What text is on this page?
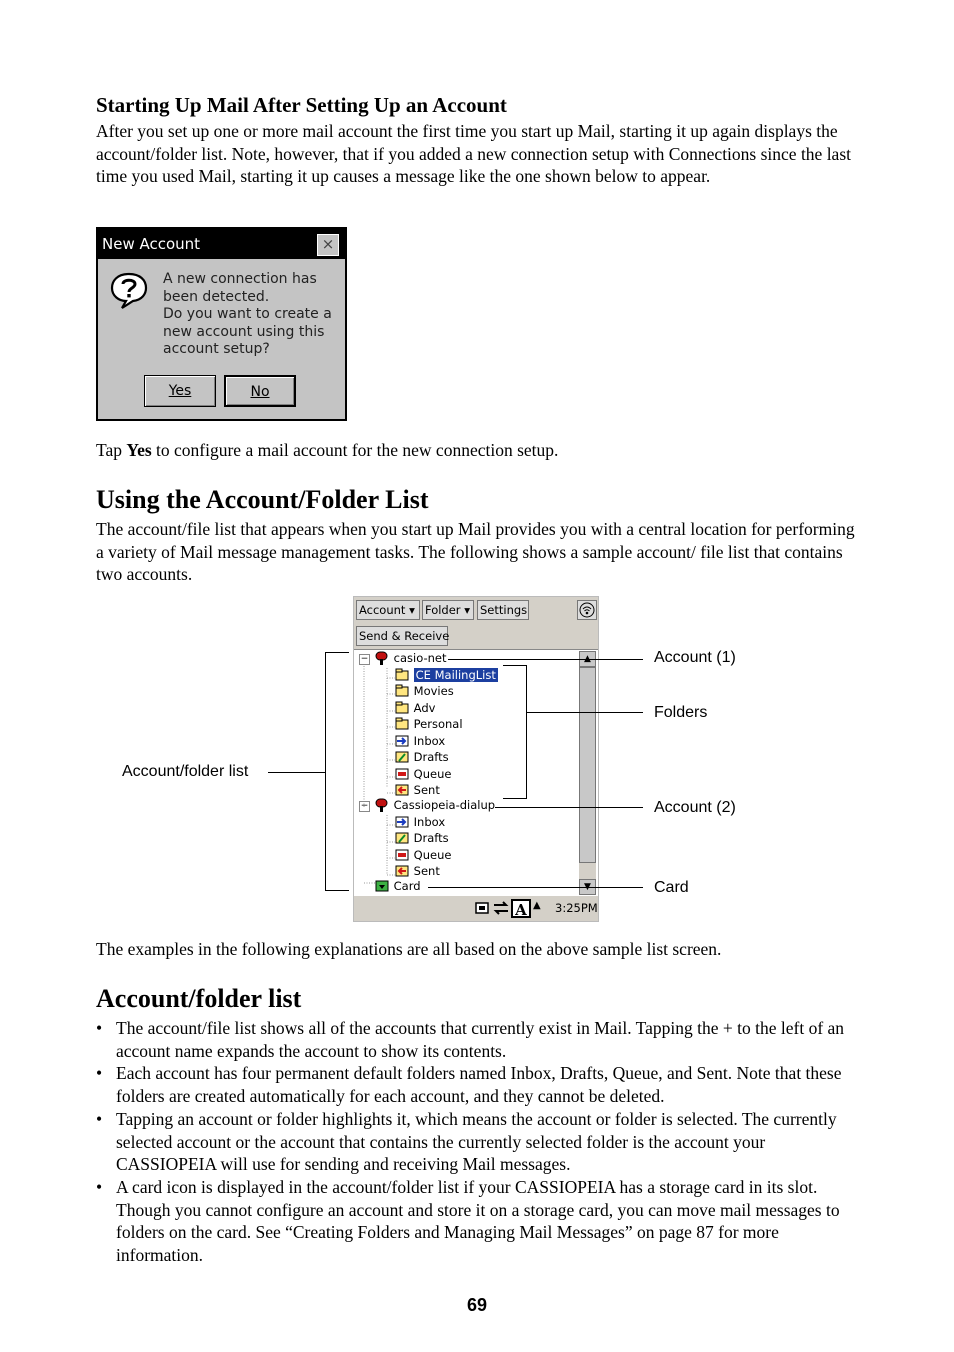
Starting Up Mail After Setting Up an Account
After you set up one or more mail account the first time you start up Mail, starting it up again displays the account/folder list. Note, however, that if you added a new connection setup with Connections since the last time you used Mail, starting it up causes a message like the one shown below to appear.
New Account	×
A new connection has
been detected.
Do you want to create a
new account using this
account setup?
Yes	No
Tap Yes to configure a mail account for the new connection setup.
Using the Account/Folder List
The account/file list that appears when you start up Mail provides you with a central location for performing a variety of Mail message management tasks. The following shows a sample account/ file list that contains two accounts.
Account ▾ Folder ▾ Settings
Send & Receive
−
−
casio-net
CE MailingList
Movies
Adv
Personal
Inbox
Drafts
Queue
Sent
Cassiopeia-dialup
Inbox
Drafts
Queue
Sent
Card
A ▲ 3:25PM
Account (1)
Folders
Account (2)
Card
Account/folder list
The examples in the following explanations are all based on the above sample list screen.
Account/folder list
• The account/file list shows all of the accounts that currently exist in Mail. Tapping the + to the left of an account name expands the account to show its contents.
• Each account has four permanent default folders named Inbox, Drafts, Queue, and Sent. Note that these folders are created automatically for each account, and they cannot be deleted.
• Tapping an account or folder highlights it, which means the account or folder is selected. The currently selected account or the account that contains the currently selected folder is the account your CASSIOPEIA will use for sending and receiving Mail messages.
• A card icon is displayed in the account/folder list if your CASSIOPEIA has a storage card in its slot. Though you cannot configure an account and store it on a storage card, you can move mail messages to folders on the card. See “Creating Folders and Managing Mail Messages” on page 87 for more information.
69
